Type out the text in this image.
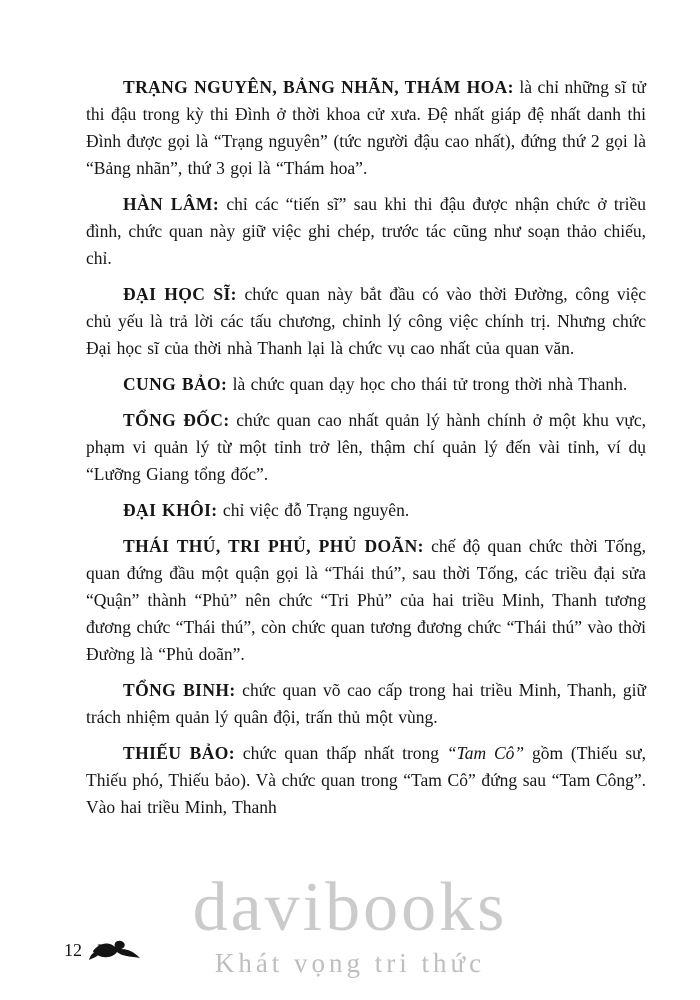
TRẠNG NGUYÊN, BẢNG NHÃN, THÁM HOA: là chỉ những sĩ tử thi đậu trong kỳ thi Đình ở thời khoa cử xưa. Đệ nhất giáp đệ nhất danh thi Đình được gọi là “Trạng nguyên” (tức người đậu cao nhất), đứng thứ 2 gọi là “Bảng nhãn”, thứ 3 gọi là “Thám hoa”.

HÀN LÂM: chỉ các “tiến sĩ” sau khi thi đậu được nhận chức ở triều đình, chức quan này giữ việc ghi chép, trước tác cũng như soạn thảo chiếu, chỉ.

ĐẠI HỌC SĨ: chức quan này bắt đầu có vào thời Đường, công việc chủ yếu là trả lời các tấu chương, chỉnh lý công việc chính trị. Nhưng chức Đại học sĩ của thời nhà Thanh lại là chức vụ cao nhất của quan văn.

CUNG BẢO: là chức quan dạy học cho thái tử trong thời nhà Thanh.

TỔNG ĐỐC: chức quan cao nhất quản lý hành chính ở một khu vực, phạm vi quản lý từ một tỉnh trở lên, thậm chí quản lý đến vài tỉnh, ví dụ “Lưỡng Giang tổng đốc”.

ĐẠI KHÔI: chỉ việc đỗ Trạng nguyên.

THÁI THÚ, TRI PHỦ, PHỦ DOÃN: chế độ quan chức thời Tống, quan đứng đầu một quận gọi là “Thái thú”, sau thời Tống, các triều đại sửa “Quận” thành “Phủ” nên chức “Tri Phủ” của hai triều Minh, Thanh tương đương chức “Thái thú”, còn chức quan tương đương chức “Thái thú” vào thời Đường là “Phủ doãn”.

TỔNG BINH: chức quan võ cao cấp trong hai triều Minh, Thanh, giữ trách nhiệm quản lý quân đội, trấn thủ một vùng.

THIẾU BẢO: chức quan thấp nhất trong “Tam Cô” gồm (Thiếu sư, Thiếu phó, Thiếu bảo). Và chức quan trong “Tam Cô” đứng sau “Tam Công”. Vào hai triều Minh, Thanh

davibooks
Khát vọng tri thức
12
